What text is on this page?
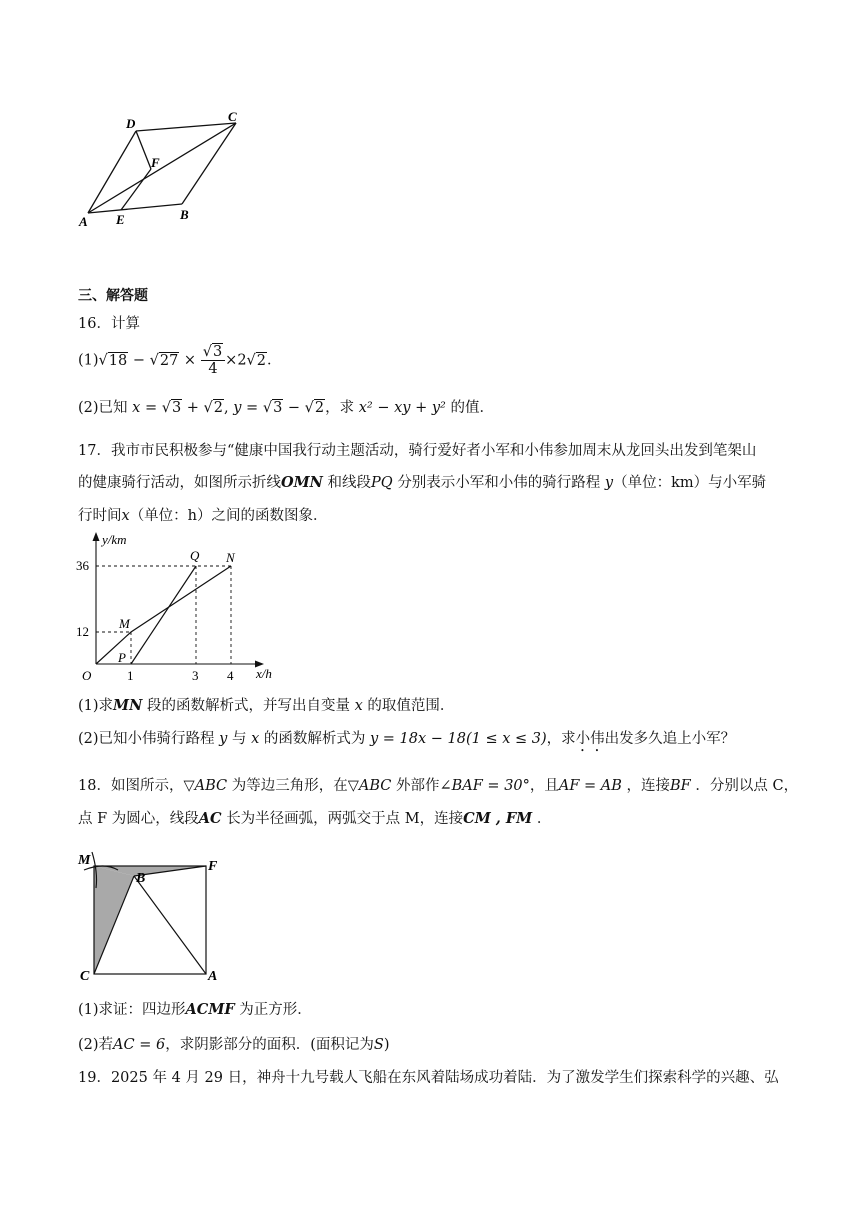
A E	B
C
D
F
三、解答题
16．计算
$(1)√18 - √27 \times \frac{√3}{4} \times 2√2$．
(2)已知 x = √3 + √2, y = √3 − √2，求 x² − xy + y² 的值．
17．我市市民积极参与“健康中国我行动主题活动，骑行爱好者小军和小伟参加周末从龙回头出发到笔架山
的健康骑行活动，如图所示折线OMN 和线段PQ 分别表示小军和小伟的骑行路程 y（单位：km）与小军骑
行时间x（单位：h）之间的函数图象．
y/km
x/h
36
12
1	3 4
O
M
P
Q N
(1)求MN 段的函数解析式，并写出自变量 x 的取值范围．
(2)已知小伟骑行路程 y 与 x 的函数解析式为 y = 18x − 18(1 ≤ x ≤ 3)，求小伟出发多久追上小军？
18．如图所示，▽ABC 为等边三角形，在▽ABC 外部作∠BAF = 30°，且AF = AB ，连接BF ．分别以点 C，
点 F 为圆心，线段AC 长为半径画弧，两弧交于点 M，连接CM , FM ．
M
B
F
C	A
(1)求证：四边形ACMF 为正方形．
(2)若AC = 6，求阴影部分的面积．(面积记为S)
19．2025 年 4 月 29 日，神舟十九号载人飞船在东风着陆场成功着陆．为了激发学生们探索科学的兴趣、弘
